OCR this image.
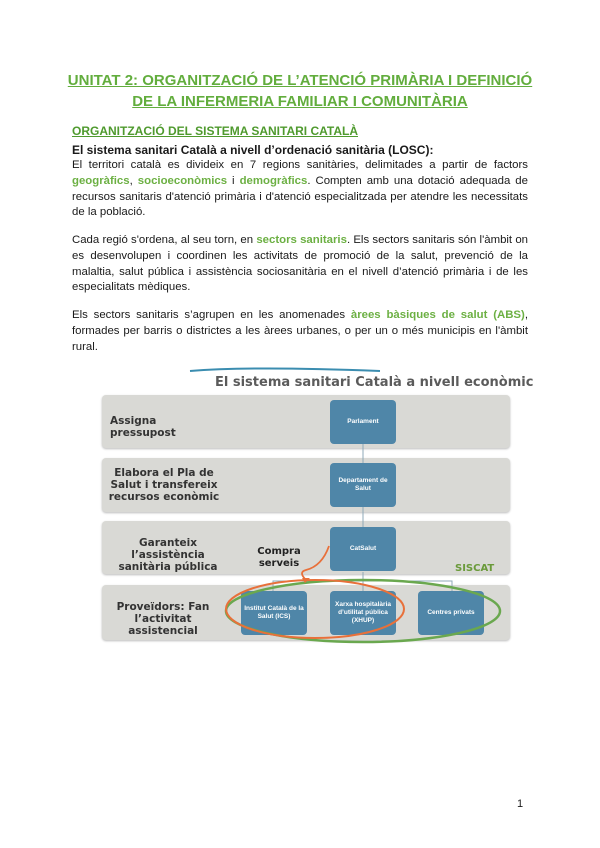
UNITAT 2: ORGANITZACIÓ DE L’ATENCIÓ PRIMÀRIA I DEFINICIÓ DE LA INFERMERIA FAMILIAR I COMUNITÀRIA
ORGANITZACIÓ DEL SISTEMA SANITARI CATALÀ
El sistema sanitari Català a nivell d’ordenació sanitària (LOSC):
El territori català es divideix en 7 regions sanitàries, delimitades a partir de factors geogràfics, socioeconòmics i demogràfics. Compten amb una dotació adequada de recursos sanitaris d'atenció primària i d'atenció especialitzada per atendre les necessitats de la població.
Cada regió s'ordena, al seu torn, en sectors sanitaris. Els sectors sanitaris són l'àmbit on es desenvolupen i coordinen les activitats de promoció de la salut, prevenció de la malaltia, salut pública i assistència sociosanitària en el nivell d’atenció primària i de les especialitats mèdiques.
Els sectors sanitaris s’agrupen en les anomenades àrees bàsiques de salut (ABS), formades per barris o districtes a les àrees urbanes, o per un o més municipis en l'àmbit rural.
El sistema sanitari Català a nivell econòmic
Assigna pressupost
Elabora el Pla de Salut i transfereix recursos econòmic
Garanteix l’assistència sanitària pública
Proveïdors: Fan l’activitat assistencial
Parlament
Departament de Salut
CatSalut
Institut Català de la Salut (ICS)
Xarxa hospitalària d’utilitat pública (XHUP)
Centres privats
Compra serveis	SISCAT
1
